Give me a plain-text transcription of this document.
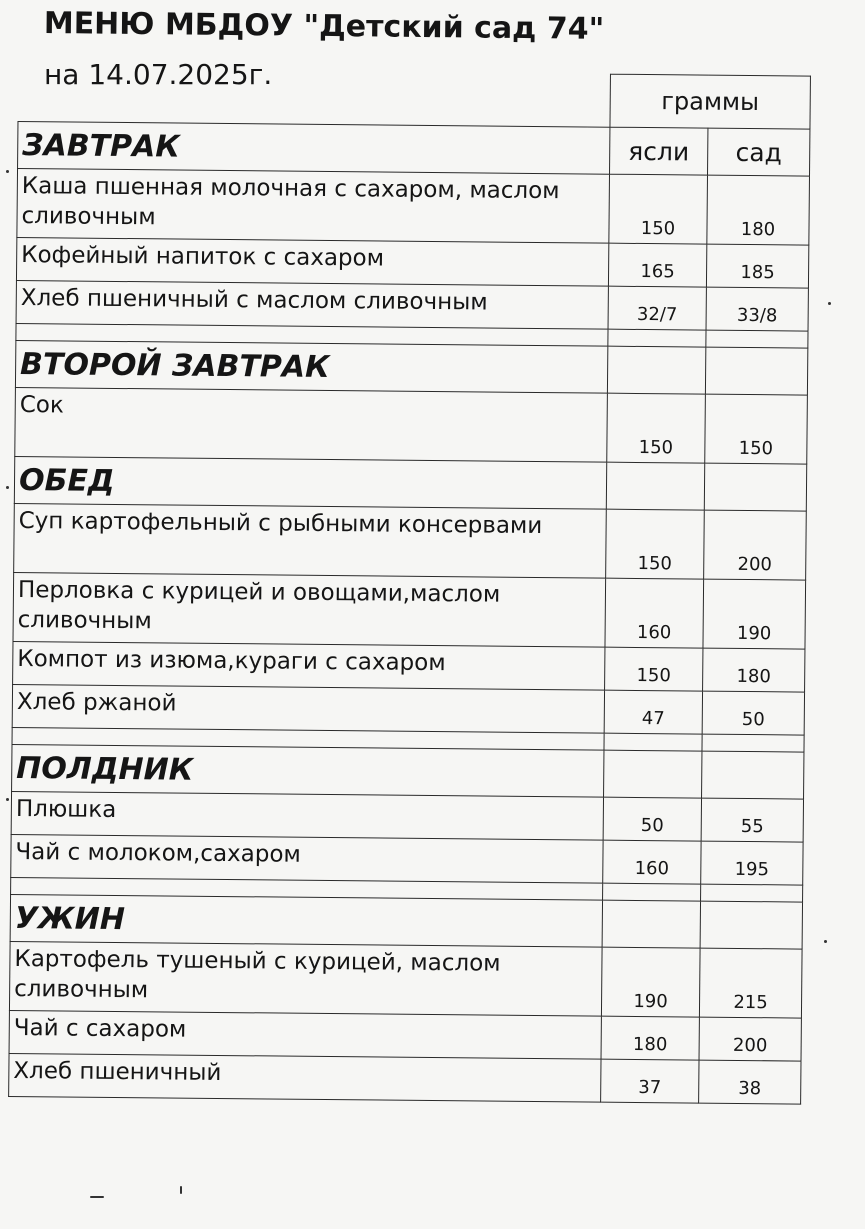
МЕНЮ МБДОУ "Детский сад 74"
на 14.07.2025г.
	граммы	
ЗАВТРАК	ясли	сад
Каша пшенная молочная с сахаром, маслом сливочным	150	180
Кофейный напиток с сахаром	165	185
Хлеб пшеничный с маслом сливочным	32/7	33/8

ВТОРОЙ ЗАВТРАК		
Сок	150	150
ОБЕД		
Суп картофельный с рыбными консервами	150	200
Перловка с курицей и овощами,маслом сливочным	160	190
Компот из изюма,кураги с сахаром	150	180
Хлеб ржаной	47	50

ПОЛДНИК		
Плюшка	50	55
Чай с молоком,сахаром	160	195

УЖИН		
Картофель тушеный с курицей, маслом сливочным	190	215
Чай с сахаром	180	200
Хлеб пшеничный	37	38
